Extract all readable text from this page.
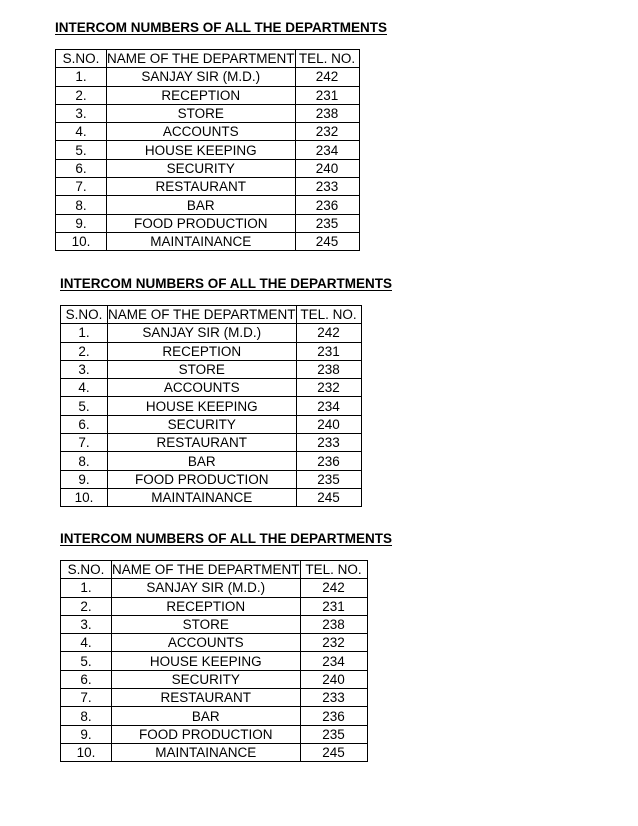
INTERCOM NUMBERS OF ALL THE DEPARTMENTS
S.NO.	NAME OF THE DEPARTMENT	TEL. NO.
1.	SANJAY SIR (M.D.)	242
2.	RECEPTION	231
3.	STORE	238
4.	ACCOUNTS	232
5.	HOUSE KEEPING	234
6.	SECURITY	240
7.	RESTAURANT	233
8.	BAR	236
9.	FOOD PRODUCTION	235
10.	MAINTAINANCE	245
INTERCOM NUMBERS OF ALL THE DEPARTMENTS
S.NO.	NAME OF THE DEPARTMENT	TEL. NO.
1.	SANJAY SIR (M.D.)	242
2.	RECEPTION	231
3.	STORE	238
4.	ACCOUNTS	232
5.	HOUSE KEEPING	234
6.	SECURITY	240
7.	RESTAURANT	233
8.	BAR	236
9.	FOOD PRODUCTION	235
10.	MAINTAINANCE	245
INTERCOM NUMBERS OF ALL THE DEPARTMENTS
S.NO.	NAME OF THE DEPARTMENT	TEL. NO.
1.	SANJAY SIR (M.D.)	242
2.	RECEPTION	231
3.	STORE	238
4.	ACCOUNTS	232
5.	HOUSE KEEPING	234
6.	SECURITY	240
7.	RESTAURANT	233
8.	BAR	236
9.	FOOD PRODUCTION	235
10.	MAINTAINANCE	245
